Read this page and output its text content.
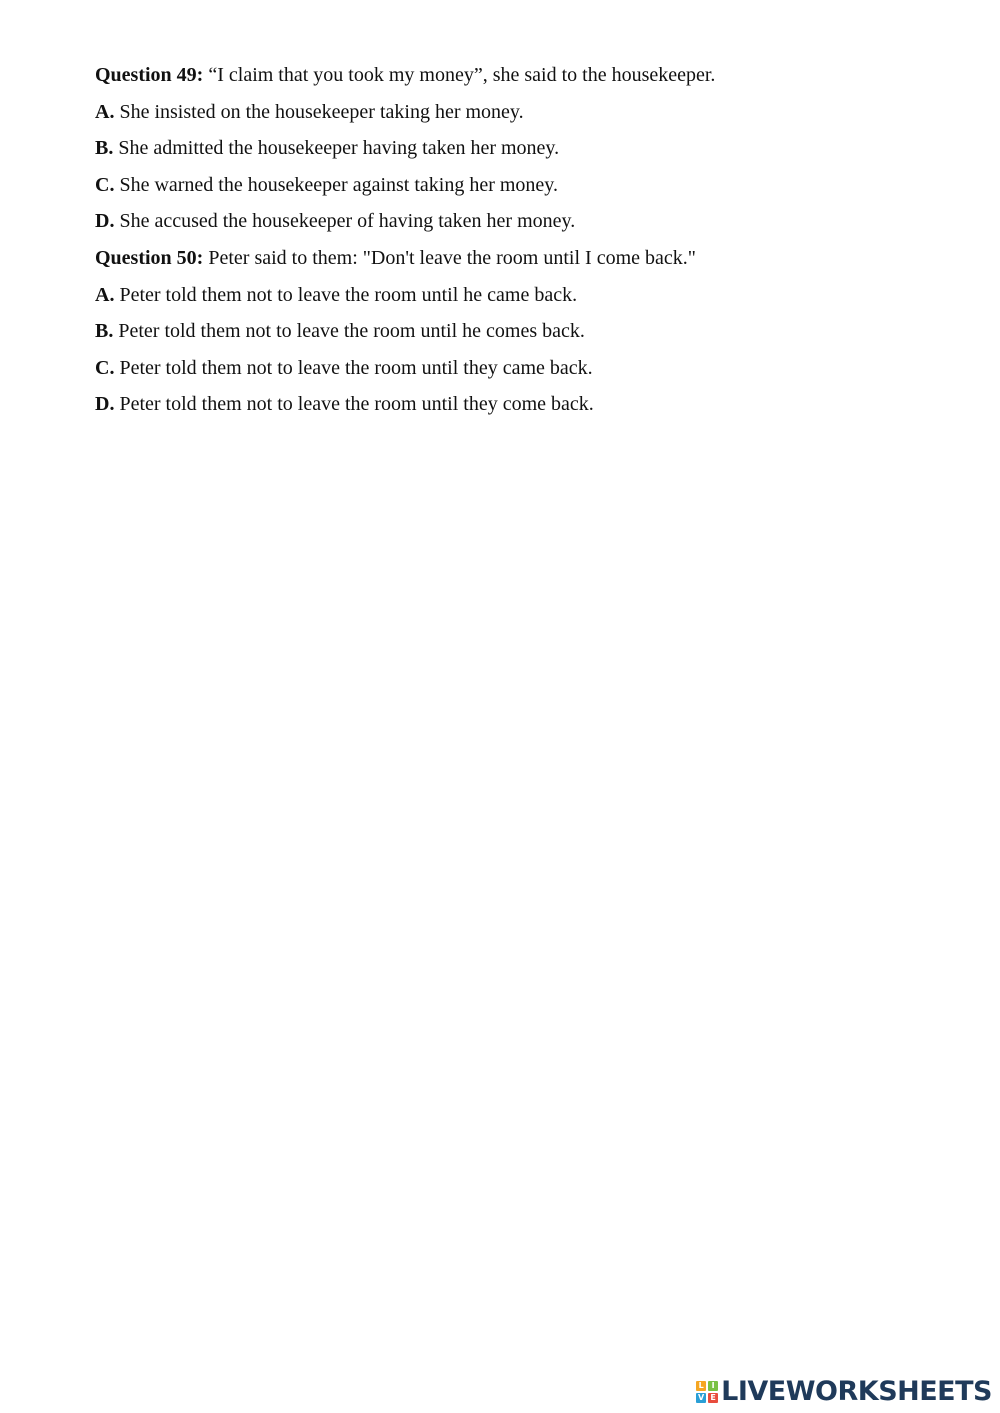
Question 49: “I claim that you took my money”, she said to the housekeeper.
A. She insisted on the housekeeper taking her money.
B. She admitted the housekeeper having taken her money.
C. She warned the housekeeper against taking her money.
D. She accused the housekeeper of having taken her money.
Question 50: Peter said to them: "Don't leave the room until I come back."
A. Peter told them not to leave the room until he came back.
B. Peter told them not to leave the room until he comes back.
C. Peter told them not to leave the room until they came back.
D. Peter told them not to leave the room until they come back.
L I
V E LIVEWORKSHEETS
